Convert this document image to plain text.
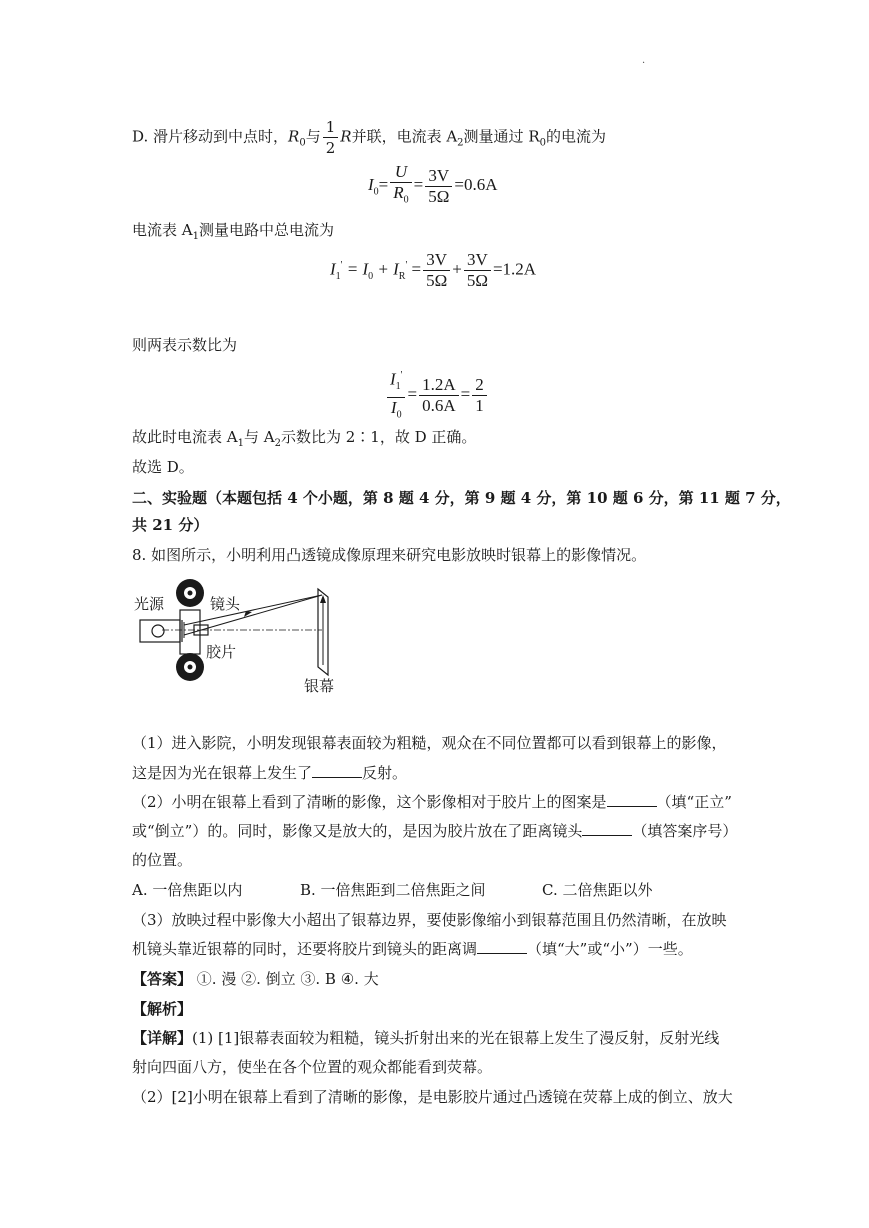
·
D. 滑片移动到中点时，$R_0$与 $\frac{1}{2}$ R并联，电流表 $A_2$测量通过 $R_0$的电流为
$I_0= \frac{U}{R_0} = \frac{3V}{5\Omega} =0.6A$
电流表 $A_1$测量电路中总电流为
$I_1' = I_0 + I_R' = \frac{3V}{5\Omega} + \frac{3V}{5\Omega} =1.2A$
则两表示数比为
$\frac{I_1'}{I_0} = \frac{1.2A}{0.6A} = \frac{2}{1}$
故此时电流表 $A_1$与 $A_2$示数比为 2∶1，故 D 正确。
故选 D。
二、实验题（本题包括 4 个小题，第 8 题 4 分，第 9 题 4 分，第 10 题 6 分，第 11 题 7 分，
共 21 分）
8. 如图所示，小明利用凸透镜成像原理来研究电影放映时银幕上的影像情况。
光源	镜头
胶片
银幕
（1）进入影院，小明发现银幕表面较为粗糙，观众在不同位置都可以看到银幕上的影像，
这是因为光在银幕上发生了	反射。
（2）小明在银幕上看到了清晰的影像，这个影像相对于胶片上的图案是	（填“正立”
或“倒立”）的。同时，影像又是放大的，是因为胶片放在了距离镜头	（填答案序号）
的位置。
A. 一倍焦距以内	B. 一倍焦距到二倍焦距之间	C. 二倍焦距以外
（3）放映过程中影像大小超出了银幕边界，要使影像缩小到银幕范围且仍然清晰，在放映
机镜头靠近银幕的同时，还要将胶片到镜头的距离调	（填“大”或“小”）一些。
【答案】 ①. 漫 ②. 倒立 ③. B ④. 大
【解析】
【详解】(1) [1]银幕表面较为粗糙，镜头折射出来的光在银幕上发生了漫反射，反射光线
射向四面八方，使坐在各个位置的观众都能看到荧幕。
（2）[2]小明在银幕上看到了清晰的影像，是电影胶片通过凸透镜在荧幕上成的倒立、放大
